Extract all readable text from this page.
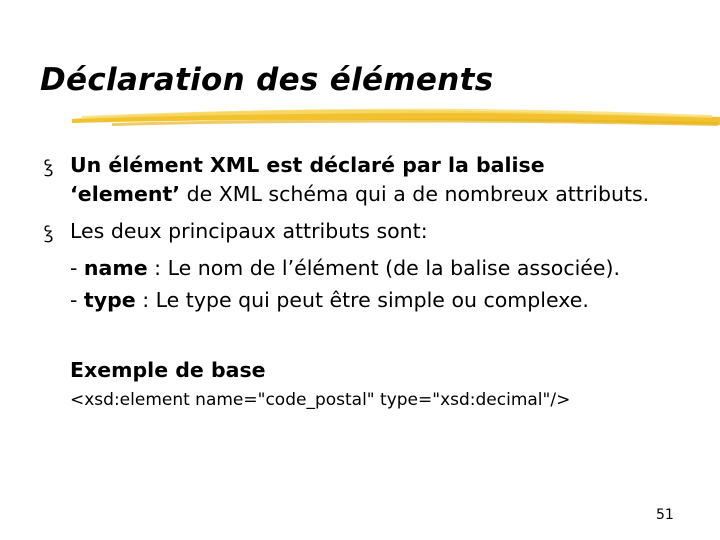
Déclaration des éléments
ꝣ Un élément XML est déclaré par la balise
‘element’ de XML schéma qui a de nombreux attributs.
ꝣ Les deux principaux attributs sont:
- name : Le nom de l’élément (de la balise associée).
- type : Le type qui peut être simple ou complexe.
Exemple de base
<xsd:element name="code_postal" type="xsd:decimal"/>
51
